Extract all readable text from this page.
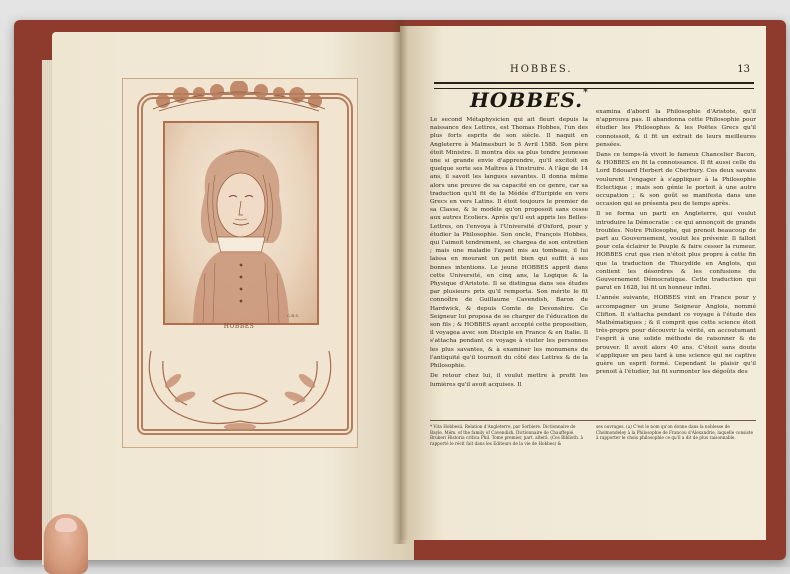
HOBBES
C.B.S.
HOBBES.	13
HOBBES.*

Le second Métaphysicien qui ait fleuri depuis la naissance des Lettres, est Thomas Hobbes, l'un des plus forts esprits de son siècle. Il naquit en Angleterre à Malmesburi le 5 Avril 1588. Son père étoit Ministre. Il montra dès sa plus tendre jeunesse une si grande envie d'apprendre, qu'il excitoit en quelque sorte ses Maîtres à l'instruire. A l'âge de 14 ans, il savoit les langues savantes. Il donna même alors une preuve de sa capacité en ce genre, car sa traduction qu'il fit de la Médée d'Euripide en vers Grecs en vers Latins. Il étoit toujours le premier de sa Classe, & le modèle qu'on proposoit sans cesse aux autres Ecoliers. Après qu'il eut appris les Belles-Lettres, on l'envoya à l'Université d'Oxford, pour y étudier la Philosophie. Son oncle, François Hobbes, qui l'aimoit tendrement, se chargea de son entretien ; mais une maladie l'ayant mis au tombeau, il lui laissa en mourant un petit bien qui suffit à ses bonnes intentions. Le jeune HOBBES apprit dans cette Université, en cinq ans, la Logique & la Physique d'Aristote. Il se distingua dans ses études par plusieurs prix qu'il remporta. Son mérite le fit connoître de Guillaume Cavendish, Baron de Hardwick, & depuis Comte de Devonshire. Ce Seigneur lui proposa de se charger de l'éducation de son fils ; & HOBBES ayant accepté cette proposition, il voyagea avec son Disciple en France & en Italie. Il s'attacha pendant ce voyage à visiter les personnes les plus savantes, & à examiner les monumens de l'antiquité qu'il tournoit du côté des Lettres & de la Philosophie.

De retour chez lui, il voulut mettre à profit les lumières qu'il avoit acquises. Il

examina d'abord la Philosophie d'Aristote, qu'il n'approuva pas. Il abandonna cette Philosophie pour étudier les Philosophes & les Poëtes Grecs qu'il connoissoit, & il fit un extrait de leurs meilleures pensées.

Dans ce temps-là vivoit le fameux Chancelier Bacon, & HOBBES en fit la connoissance. Il fit aussi celle du Lord Edouard Herbert de Cherbury. Ces deux savans voulurent l'engager à s'appliquer à la Philosophie Eclectique ; mais son génie le portoit à une autre occupation ; & son goût se manifesta dans une occasion qui se présenta peu de temps après.

Il se forma un parti en Angleterre, qui voulut introduire la Démocratie : ce qui annonçoit de grands troubles. Notre Philosophe, qui prenoit beaucoup de part au Gouvernement, voulut les prévenir. Il falloit pour cela éclairer le Peuple & faire cesser la rumeur. HOBBES crut que rien n'étoit plus propre à cette fin que la traduction de Thucydide en Anglois, qui contient les désordres & les confusions du Gouvernement Démocratique. Cette traduction qui parut en 1628, lui fit un honneur infini.

L'année suivante, HOBBES vint en France pour y accompagner un jeune Seigneur Anglois, nommé Clifton. Il s'attacha pendant ce voyage à l'étude des Mathématiques ; & il comprit que cette science étoit très-propre pour découvrir la vérité, en accoutumant l'esprit à une solide méthode de raisonner & de prouver. Il avoit alors 40 ans. C'étoit sans doute s'appliquer un peu tard à une science qui ne captive guère un esprit formé. Cependant le plaisir qu'il prenoit à l'étudier, lui fit surmonter les dégoûts des

* Vita Hobbesii. Relation d'Angleterre, par Sorbiere. Dictionnaire de Bayle. Mém. of the family of Cavendish. Dictionnaire de Chauffepié. Brukeri Historia critica Phil. Tome premier, part. alterâ. (Ces Biblioth. à rapporté le récit fait dans les Editeurs de la vie de Hobbes) &
ses ouvrages. (a) C'est le nom qu'on donne dans la noblesse de Cholmondeley à la Philosophie de Francou d'Alexandrie, laquelle consiste à rapporter le choix philosophie ce qu'il a dit de plus raisonnable.
